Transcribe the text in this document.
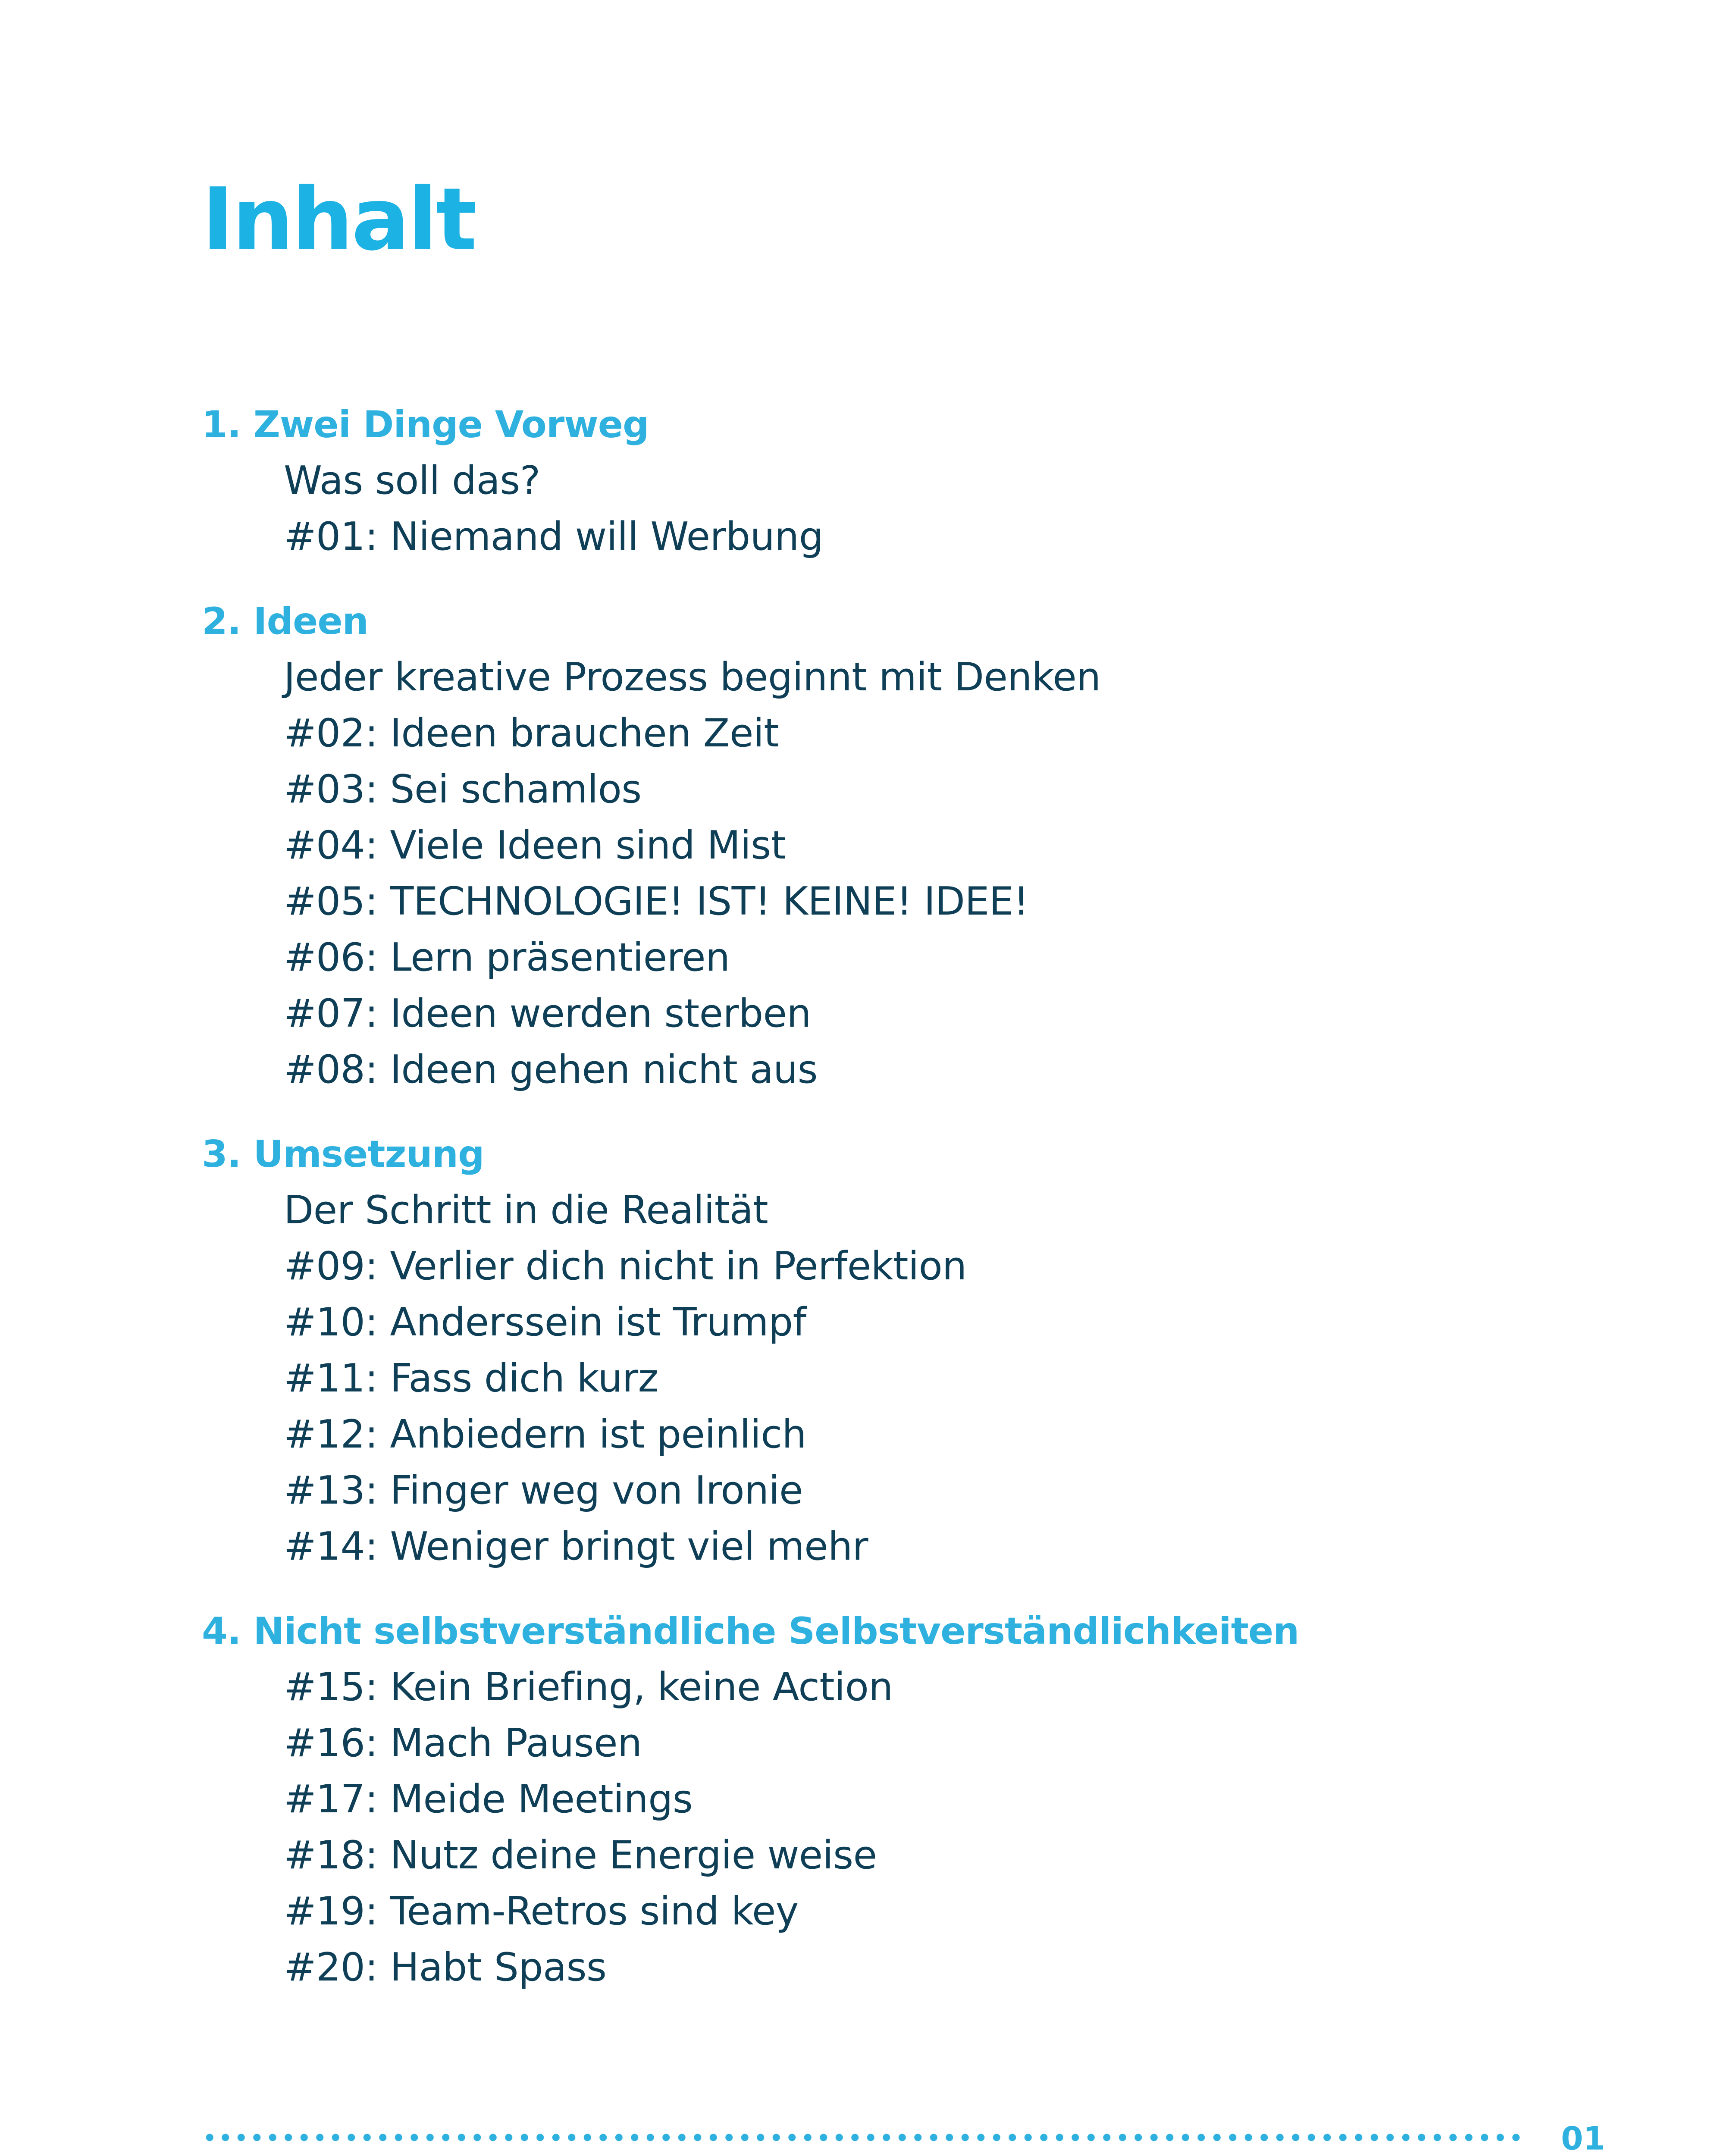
Inhalt
1. Zwei Dinge Vorweg
Was soll das?
#01: Niemand will Werbung
2. Ideen
Jeder kreative Prozess beginnt mit Denken
#02: Ideen brauchen Zeit
#03: Sei schamlos
#04: Viele Ideen sind Mist
#05: TECHNOLOGIE! IST! KEINE! IDEE!
#06: Lern präsentieren
#07: Ideen werden sterben
#08: Ideen gehen nicht aus
3. Umsetzung
Der Schritt in die Realität
#09: Verlier dich nicht in Perfektion
#10: Anderssein ist Trumpf
#11: Fass dich kurz
#12: Anbiedern ist peinlich
#13: Finger weg von Ironie
#14: Weniger bringt viel mehr
4. Nicht selbstverständliche Selbstverständlichkeiten
#15: Kein Briefing, keine Action
#16: Mach Pausen
#17: Meide Meetings
#18: Nutz deine Energie weise
#19: Team-Retros sind key
#20: Habt Spass
01
